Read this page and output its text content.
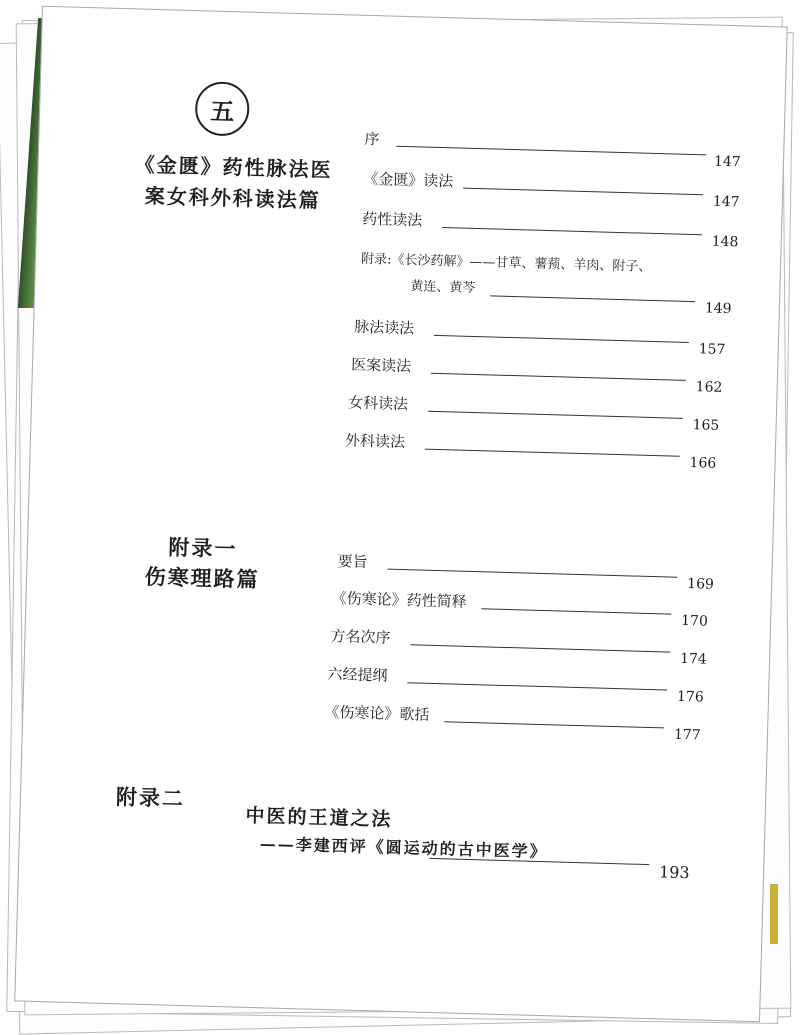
五
《金匮》药性脉法医
案女科外科读法篇
序
147
《金匮》读法
147
药性读法
148
附录:《长沙药解》——甘草、薯蓣、羊肉、附子、
黄连、黄芩
149
脉法读法
157
医案读法
162
女科读法
165
外科读法
166
附录一
伤寒理路篇
要旨
169
《伤寒论》药性简释
170
方名次序
174
六经提纲
176
《伤寒论》歌括
177
附录二
中医的王道之法
——李建西评《圆运动的古中医学》
193
